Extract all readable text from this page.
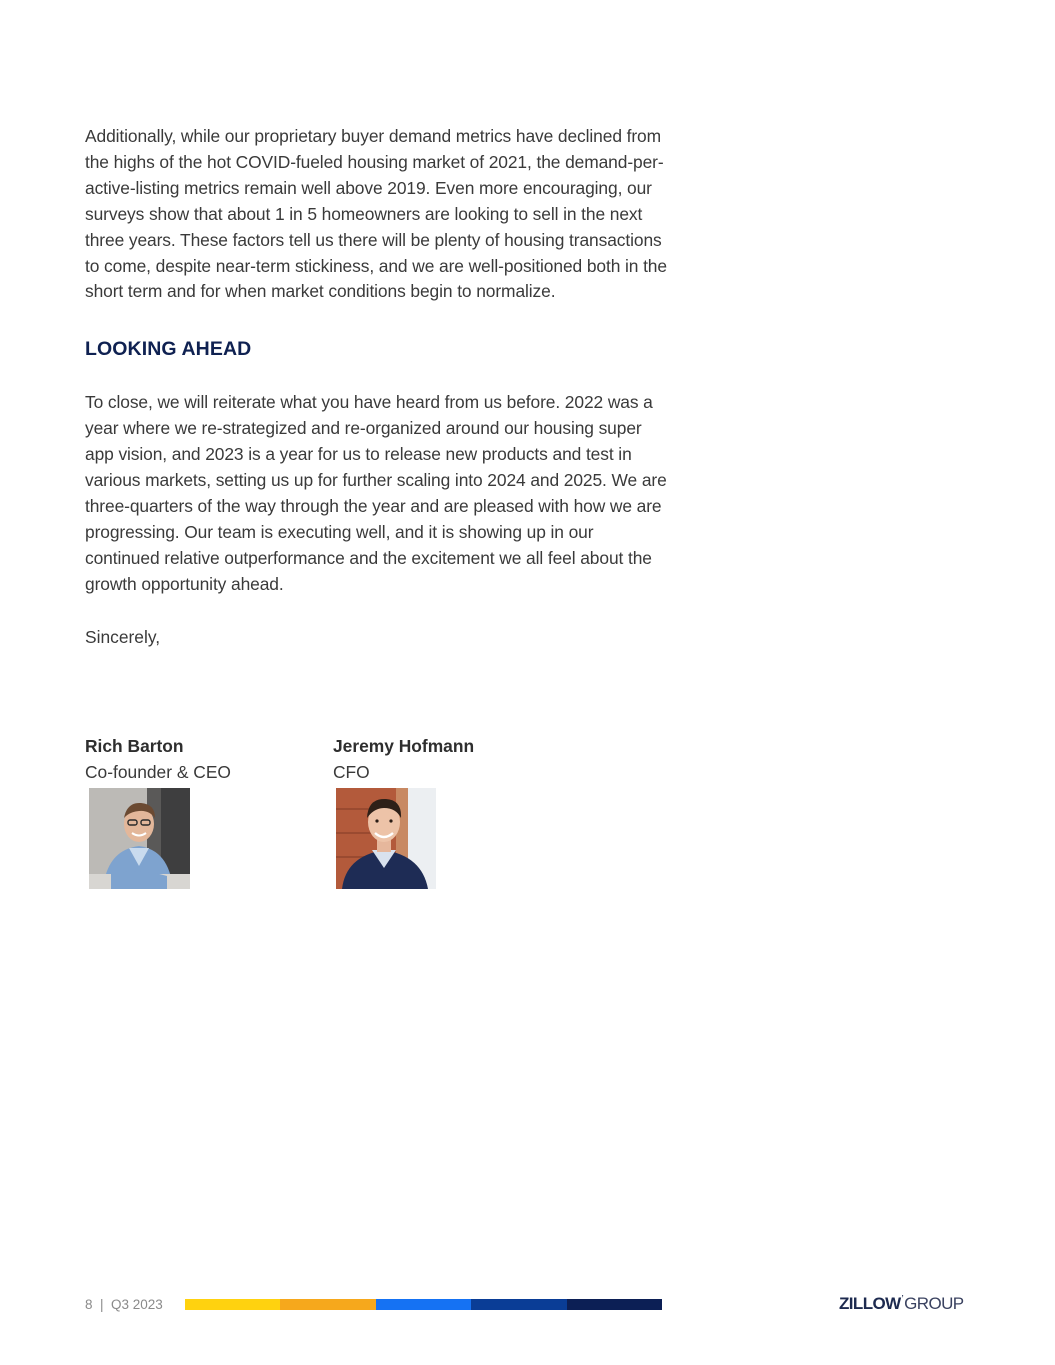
Additionally, while our proprietary buyer demand metrics have declined from the highs of the hot COVID-fueled housing market of 2021, the demand-per-active-listing metrics remain well above 2019. Even more encouraging, our surveys show that about 1 in 5 homeowners are looking to sell in the next three years. These factors tell us there will be plenty of housing transactions to come, despite near-term stickiness, and we are well-positioned both in the short term and for when market conditions begin to normalize.

LOOKING AHEAD

To close, we will reiterate what you have heard from us before. 2022 was a year where we re-strategized and re-organized around our housing super app vision, and 2023 is a year for us to release new products and test in various markets, setting us up for further scaling into 2024 and 2025. We are three-quarters of the way through the year and are pleased with how we are progressing. Our team is executing well, and it is showing up in our continued relative outperformance and the excitement we all feel about the growth opportunity ahead.

Sincerely,
Rich Barton
Co-founder & CEO
Jeremy Hofmann
CFO
8  |  Q3 2023	ZILLOW’GROUP
